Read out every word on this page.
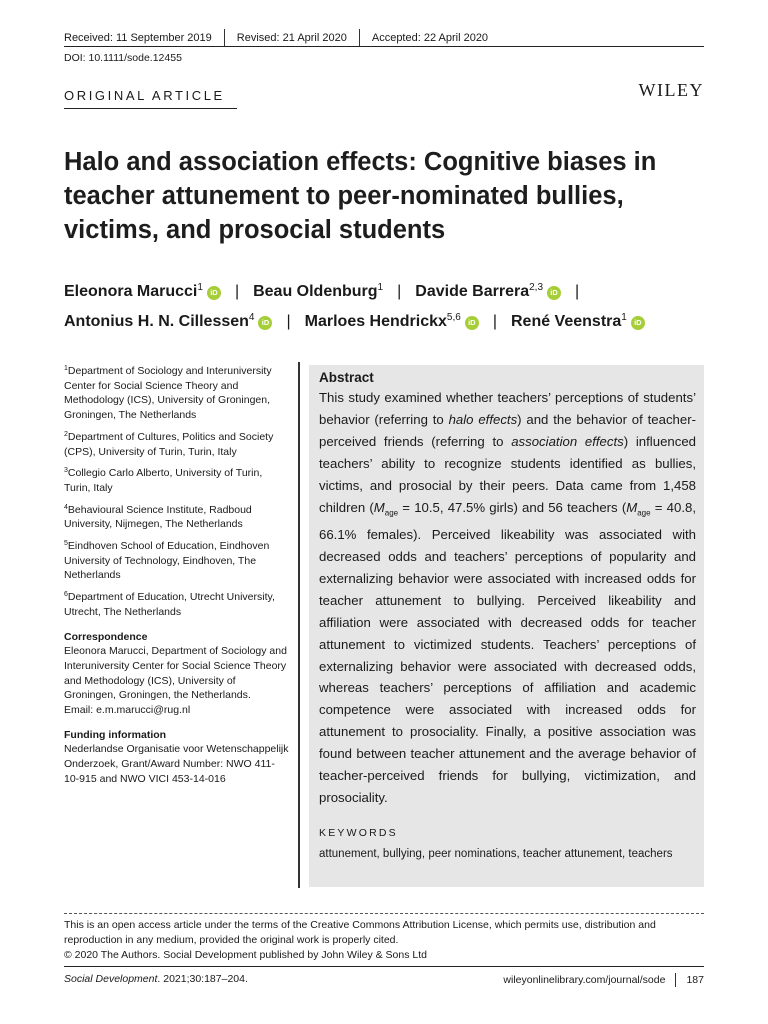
Received: 11 September 2019 Revised: 21 April 2020 Accepted: 22 April 2020
DOI: 10.1111/sode.12455
ORIGINAL ARTICLE	WILEY
Halo and association effects: Cognitive biases in teacher attunement to peer-nominated bullies, victims, and prosocial students
Eleonora Marucci$^1$ iD | Beau Oldenburg$^1$ | Davide Barrera$^{2,3}$ iD |
Antonius H. N. Cillessen$^4$ iD | Marloes Hendrickx$^{5,6}$ iD | René Veenstra$^1$ iD

$^1$Department of Sociology and Interuniversity Center for Social Science Theory and Methodology (ICS), University of Groningen, Groningen, The Netherlands

$^2$Department of Cultures, Politics and Society (CPS), University of Turin, Turin, Italy

$^3$Collegio Carlo Alberto, University of Turin, Turin, Italy

$^4$Behavioural Science Institute, Radboud University, Nijmegen, The Netherlands

$^5$Eindhoven School of Education, Eindhoven University of Technology, Eindhoven, The Netherlands

$^6$Department of Education, Utrecht University, Utrecht, The Netherlands

Correspondence
Eleonora Marucci, Department of Sociology and Interuniversity Center for Social Science Theory and Methodology (ICS), University of Groningen, Groningen, the Netherlands.
Email: e.m.marucci@rug.nl
Funding information
Nederlandse Organisatie voor Wetenschappelijk Onderzoek, Grant/Award Number: NWO 411-10-915 and NWO VICI 453-14-016
Abstract
This study examined whether teachers’ perceptions of students’ behavior (referring to halo effects) and the behavior of teacher-perceived friends (referring to association effects) influenced teachers’ ability to recognize students identified as bullies, victims, and prosocial by their peers. Data came from 1,458 children ($M_{age} = 10.5$, 47.5% girls) and 56 teachers ($M_{age} = 40.8$, 66.1% females). Perceived likeability was associated with decreased odds and teachers’ perceptions of popularity and externalizing behavior were associated with increased odds for teacher attunement to bullying. Perceived likeability and affiliation were associated with decreased odds for teacher attunement to victimized students. Teachers’ perceptions of externalizing behavior were associated with decreased odds, whereas teachers’ perceptions of affiliation and academic competence were associated with increased odds for attunement to prosociality. Finally, a positive association was found between teacher attunement and the average behavior of teacher-perceived friends for bullying, victimization, and prosociality.
KEYWORDS
attunement, bullying, peer nominations, teacher attunement, teachers
This is an open access article under the terms of the Creative Commons Attribution License, which permits use, distribution and reproduction in any medium, provided the original work is properly cited.
© 2020 The Authors. Social Development published by John Wiley & Sons Ltd
Social Development. 2021;30:187–204.	wileyonlinelibrary.com/journal/sode 187
